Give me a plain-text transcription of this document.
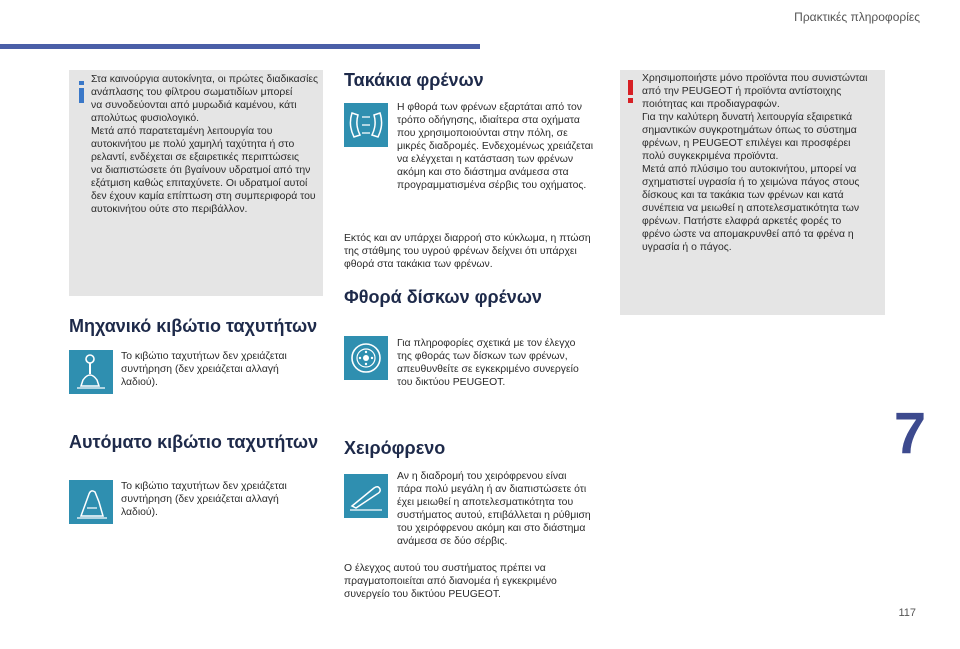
Πρακτικές πληροφορίες
117
7
Στα καινούργια αυτοκίνητα, οι πρώτες διαδικασίες
ανάπλασης του φίλτρου σωματιδίων μπορεί
να συνοδεύονται από μυρωδιά καμένου, κάτι
απολύτως φυσιολογικό.
Μετά από παρατεταμένη λειτουργία του
αυτοκινήτου με πολύ χαμηλή ταχύτητα ή στο
ρελαντί, ενδέχεται σε εξαιρετικές περιπτώσεις
να διαπιστώσετε ότι βγαίνουν υδρατμοί από την
εξάτμιση καθώς επιταχύνετε. Οι υδρατμοί αυτοί
δεν έχουν καμία επίπτωση στη συμπεριφορά του
αυτοκινήτου ούτε στο περιβάλλον.
Μηχανικό κιβώτιο ταχυτήτων
Το κιβώτιο ταχυτήτων δεν χρειάζεται
συντήρηση (δεν χρειάζεται αλλαγή
λαδιού).
Αυτόματο κιβώτιο ταχυτήτων
Το κιβώτιο ταχυτήτων δεν χρειάζεται
συντήρηση (δεν χρειάζεται αλλαγή
λαδιού).
Τακάκια φρένων
Η φθορά των φρένων εξαρτάται από τον
τρόπο οδήγησης, ιδιαίτερα στα οχήματα
που χρησιμοποιούνται στην πόλη, σε
μικρές διαδρομές. Ενδεχομένως χρειάζεται
να ελέγχεται η κατάσταση των φρένων
ακόμη και στο διάστημα ανάμεσα στα
προγραμματισμένα σέρβις του οχήματος.
Εκτός και αν υπάρχει διαρροή στο κύκλωμα, η πτώση
της στάθμης του υγρού φρένων δείχνει ότι υπάρχει
φθορά στα τακάκια των φρένων.
Φθορά δίσκων φρένων
Για πληροφορίες σχετικά με τον έλεγχο
της φθοράς των δίσκων των φρένων,
απευθυνθείτε σε εγκεκριμένο συνεργείο
του δικτύου PEUGEOT.
Χειρόφρενο
Αν η διαδρομή του χειρόφρενου είναι
πάρα πολύ μεγάλη ή αν διαπιστώσετε ότι
έχει μειωθεί η αποτελεσματικότητα του
συστήματος αυτού, επιβάλλεται η ρύθμιση
του χειρόφρενου ακόμη και στο διάστημα
ανάμεσα σε δύο σέρβις.
Ο έλεγχος αυτού του συστήματος πρέπει να
πραγματοποιείται από διανομέα ή εγκεκριμένο
συνεργείο του δικτύου PEUGEOT.
Χρησιμοποιήστε μόνο προϊόντα που συνιστώνται
από την PEUGEOT ή προϊόντα αντίστοιχης
ποιότητας και προδιαγραφών.
Για την καλύτερη δυνατή λειτουργία εξαιρετικά
σημαντικών συγκροτημάτων όπως το σύστημα
φρένων, η PEUGEOT επιλέγει και προσφέρει
πολύ συγκεκριμένα προϊόντα.
Μετά από πλύσιμο του αυτοκινήτου, μπορεί να
σχηματιστεί υγρασία ή το χειμώνα πάγος στους
δίσκους και τα τακάκια των φρένων και κατά
συνέπεια να μειωθεί η αποτελεσματικότητα των
φρένων. Πατήστε ελαφρά αρκετές φορές το
φρένο ώστε να απομακρυνθεί από τα φρένα η
υγρασία ή ο πάγος.
